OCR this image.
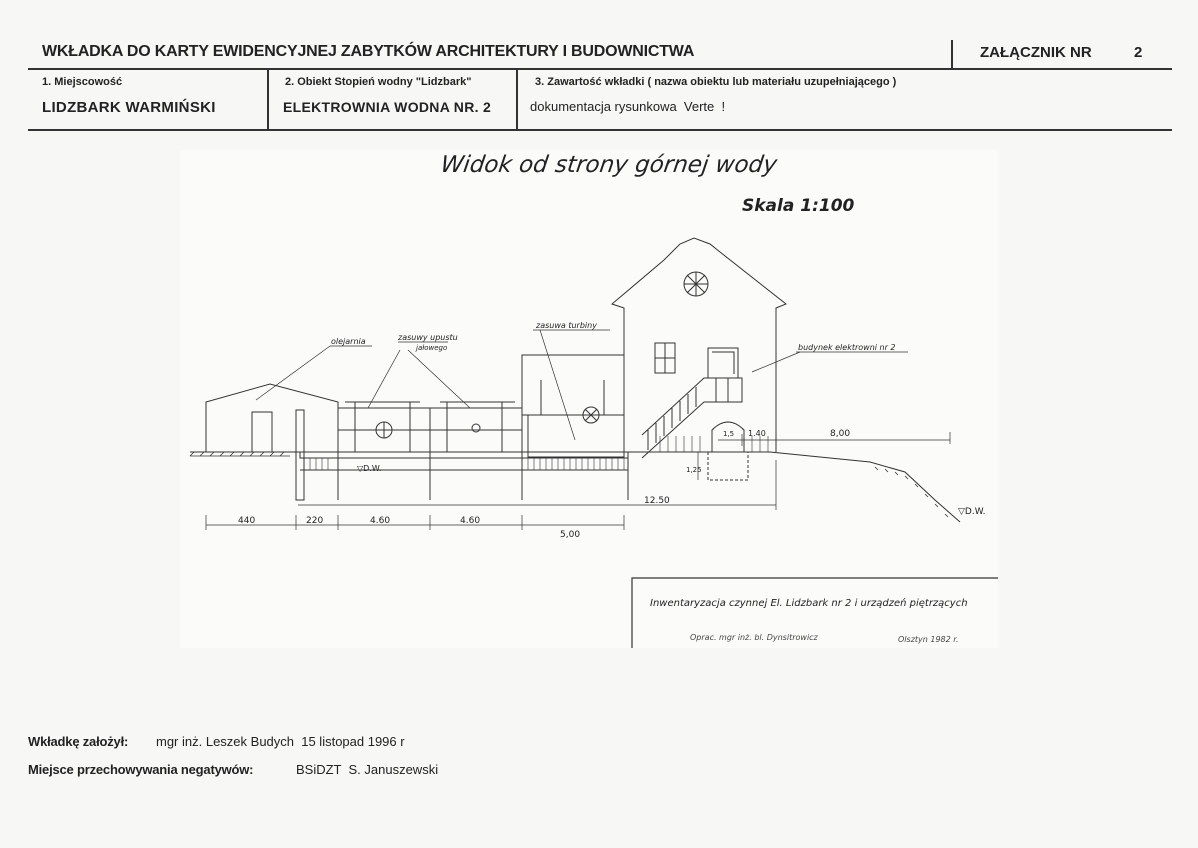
WKŁADKA DO KARTY EWIDENCYJNEJ ZABYTKÓW ARCHITEKTURY I BUDOWNICTWA	ZAŁĄCZNIK NR	2
1. Miejscowość
LIDZBARK WARMIŃSKI
2. Obiekt Stopień wodny "Lidzbark"
ELEKTROWNIA WODNA NR. 2
3. Zawartość wkładki ( nazwa obiektu lub materiału uzupełniającego )
dokumentacja rysunkowa  Verte  !
Widok od strony górnej wody
Skala 1:100
▽D.W.
olejarnia	zasuwy upustu
jałowego
zasuwa turbiny
budynek elektrowni nr 2
440	220	4.60	4.60
5,00
12.50
8,00
1.40
1,5
1,25
▽D.W.
Inwentaryzacja czynnej El. Lidzbark nr 2 i urządzeń piętrzących
Oprac. mgr inż. bl. Dynsitrowicz	Olsztyn 1982 r.
Wkładkę założył: mgr inż. Leszek Budych  15 listopad 1996 r
Miejsce przechowywania negatywów:	BSiDZT  S. Januszewski
